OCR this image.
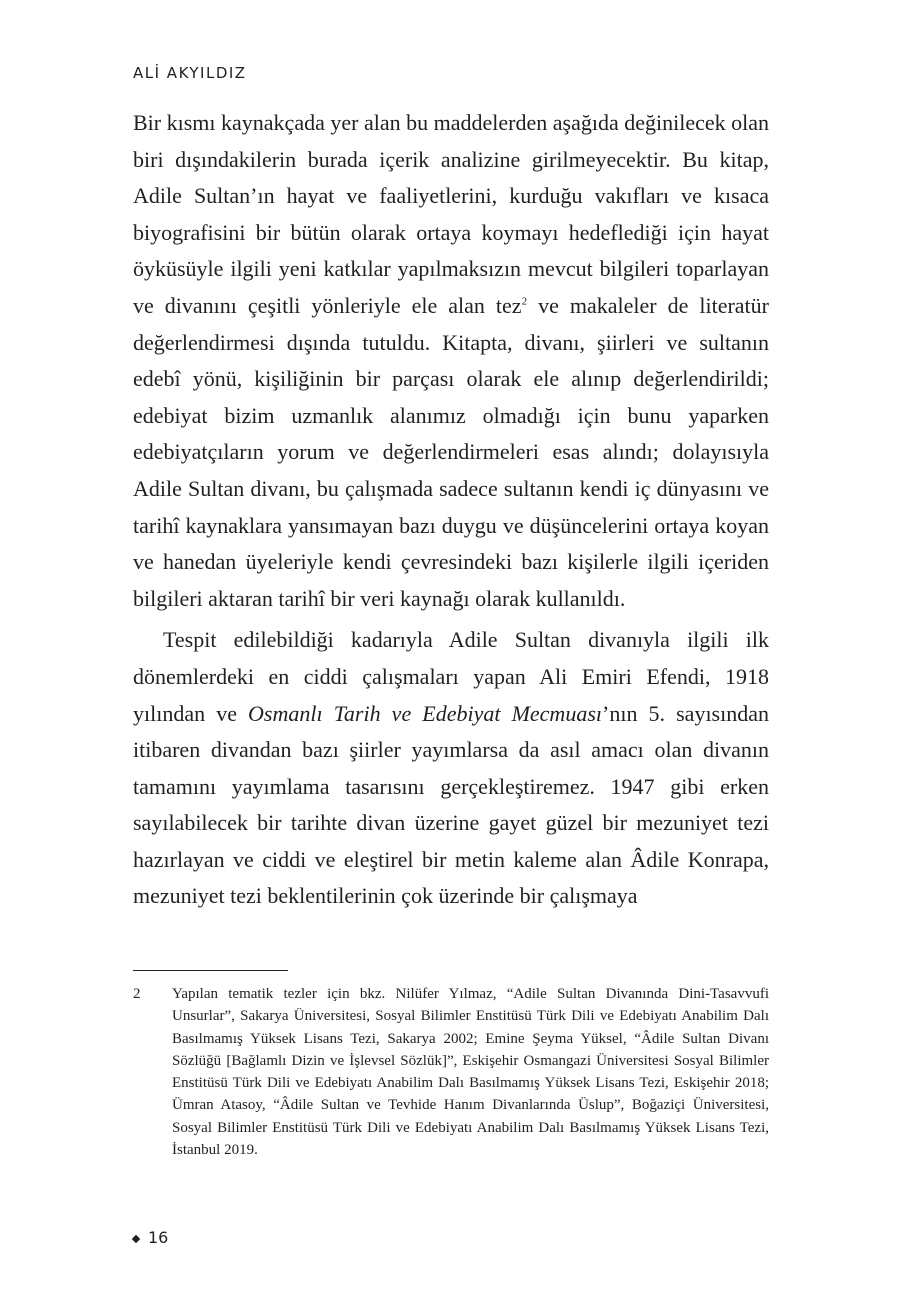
ALİ AKYILDIZ

Bir kısmı kaynakçada yer alan bu maddelerden aşağıda değinilecek olan biri dışındakilerin burada içerik analizine girilmeyecektir. Bu kitap, Adile Sultan’ın hayat ve faaliyetlerini, kurduğu vakıfları ve kısaca biyografisini bir bütün olarak ortaya koymayı hedeflediği için hayat öyküsüyle ilgili yeni katkılar yapılmaksızın mevcut bilgileri toparlayan ve divanını çeşitli yönleriyle ele alan tez$^2$ ve makaleler de literatür değerlendirmesi dışında tutuldu. Kitapta, divanı, şiirleri ve sultanın edebî yönü, kişiliğinin bir parçası olarak ele alınıp değerlendirildi; edebiyat bizim uzmanlık alanımız olmadığı için bunu yaparken edebiyatçıların yorum ve değerlendirmeleri esas alındı; dolayısıyla Adile Sultan divanı, bu çalışmada sadece sultanın kendi iç dünyasını ve tarihî kaynaklara yansımayan bazı duygu ve düşüncelerini ortaya koyan ve hanedan üyeleriyle kendi çevresindeki bazı kişilerle ilgili içeriden bilgileri aktaran tarihî bir veri kaynağı olarak kullanıldı.

Tespit edilebildiği kadarıyla Adile Sultan divanıyla ilgili ilk dönemlerdeki en ciddi çalışmaları yapan Ali Emiri Efendi, 1918 yılından ve Osmanlı Tarih ve Edebiyat Mecmuası’nın 5. sayısından itibaren divandan bazı şiirler yayımlarsa da asıl amacı olan divanın tamamını yayımlama tasarısını gerçekleştiremez. 1947 gibi erken sayılabilecek bir tarihte divan üzerine gayet güzel bir mezuniyet tezi hazırlayan ve ciddi ve eleştirel bir metin kaleme alan Âdile Konrapa, mezuniyet tezi beklentilerinin çok üzerinde bir çalışmaya

2	Yapılan tematik tezler için bkz. Nilüfer Yılmaz, “Adile Sultan Divanında Dini-Tasavvufi Unsurlar”, Sakarya Üniversitesi, Sosyal Bilimler Enstitüsü Türk Dili ve Edebiyatı Anabilim Dalı Basılmamış Yüksek Lisans Tezi, Sakarya 2002; Emine Şeyma Yüksel, “Âdile Sultan Divanı Sözlüğü [Bağlamlı Dizin ve İşlevsel Sözlük]”, Eskişehir Osmangazi Üniversitesi Sosyal Bilimler Enstitüsü Türk Dili ve Edebiyatı Anabilim Dalı Basılmamış Yüksek Lisans Tezi, Eskişehir 2018; Ümran Atasoy, “Âdile Sultan ve Tevhide Hanım Divanlarında Üslup”, Boğaziçi Üniversitesi, Sosyal Bilimler Enstitüsü Türk Dili ve Edebiyatı Anabilim Dalı Basılmamış Yüksek Lisans Tezi, İstanbul 2019.
16
